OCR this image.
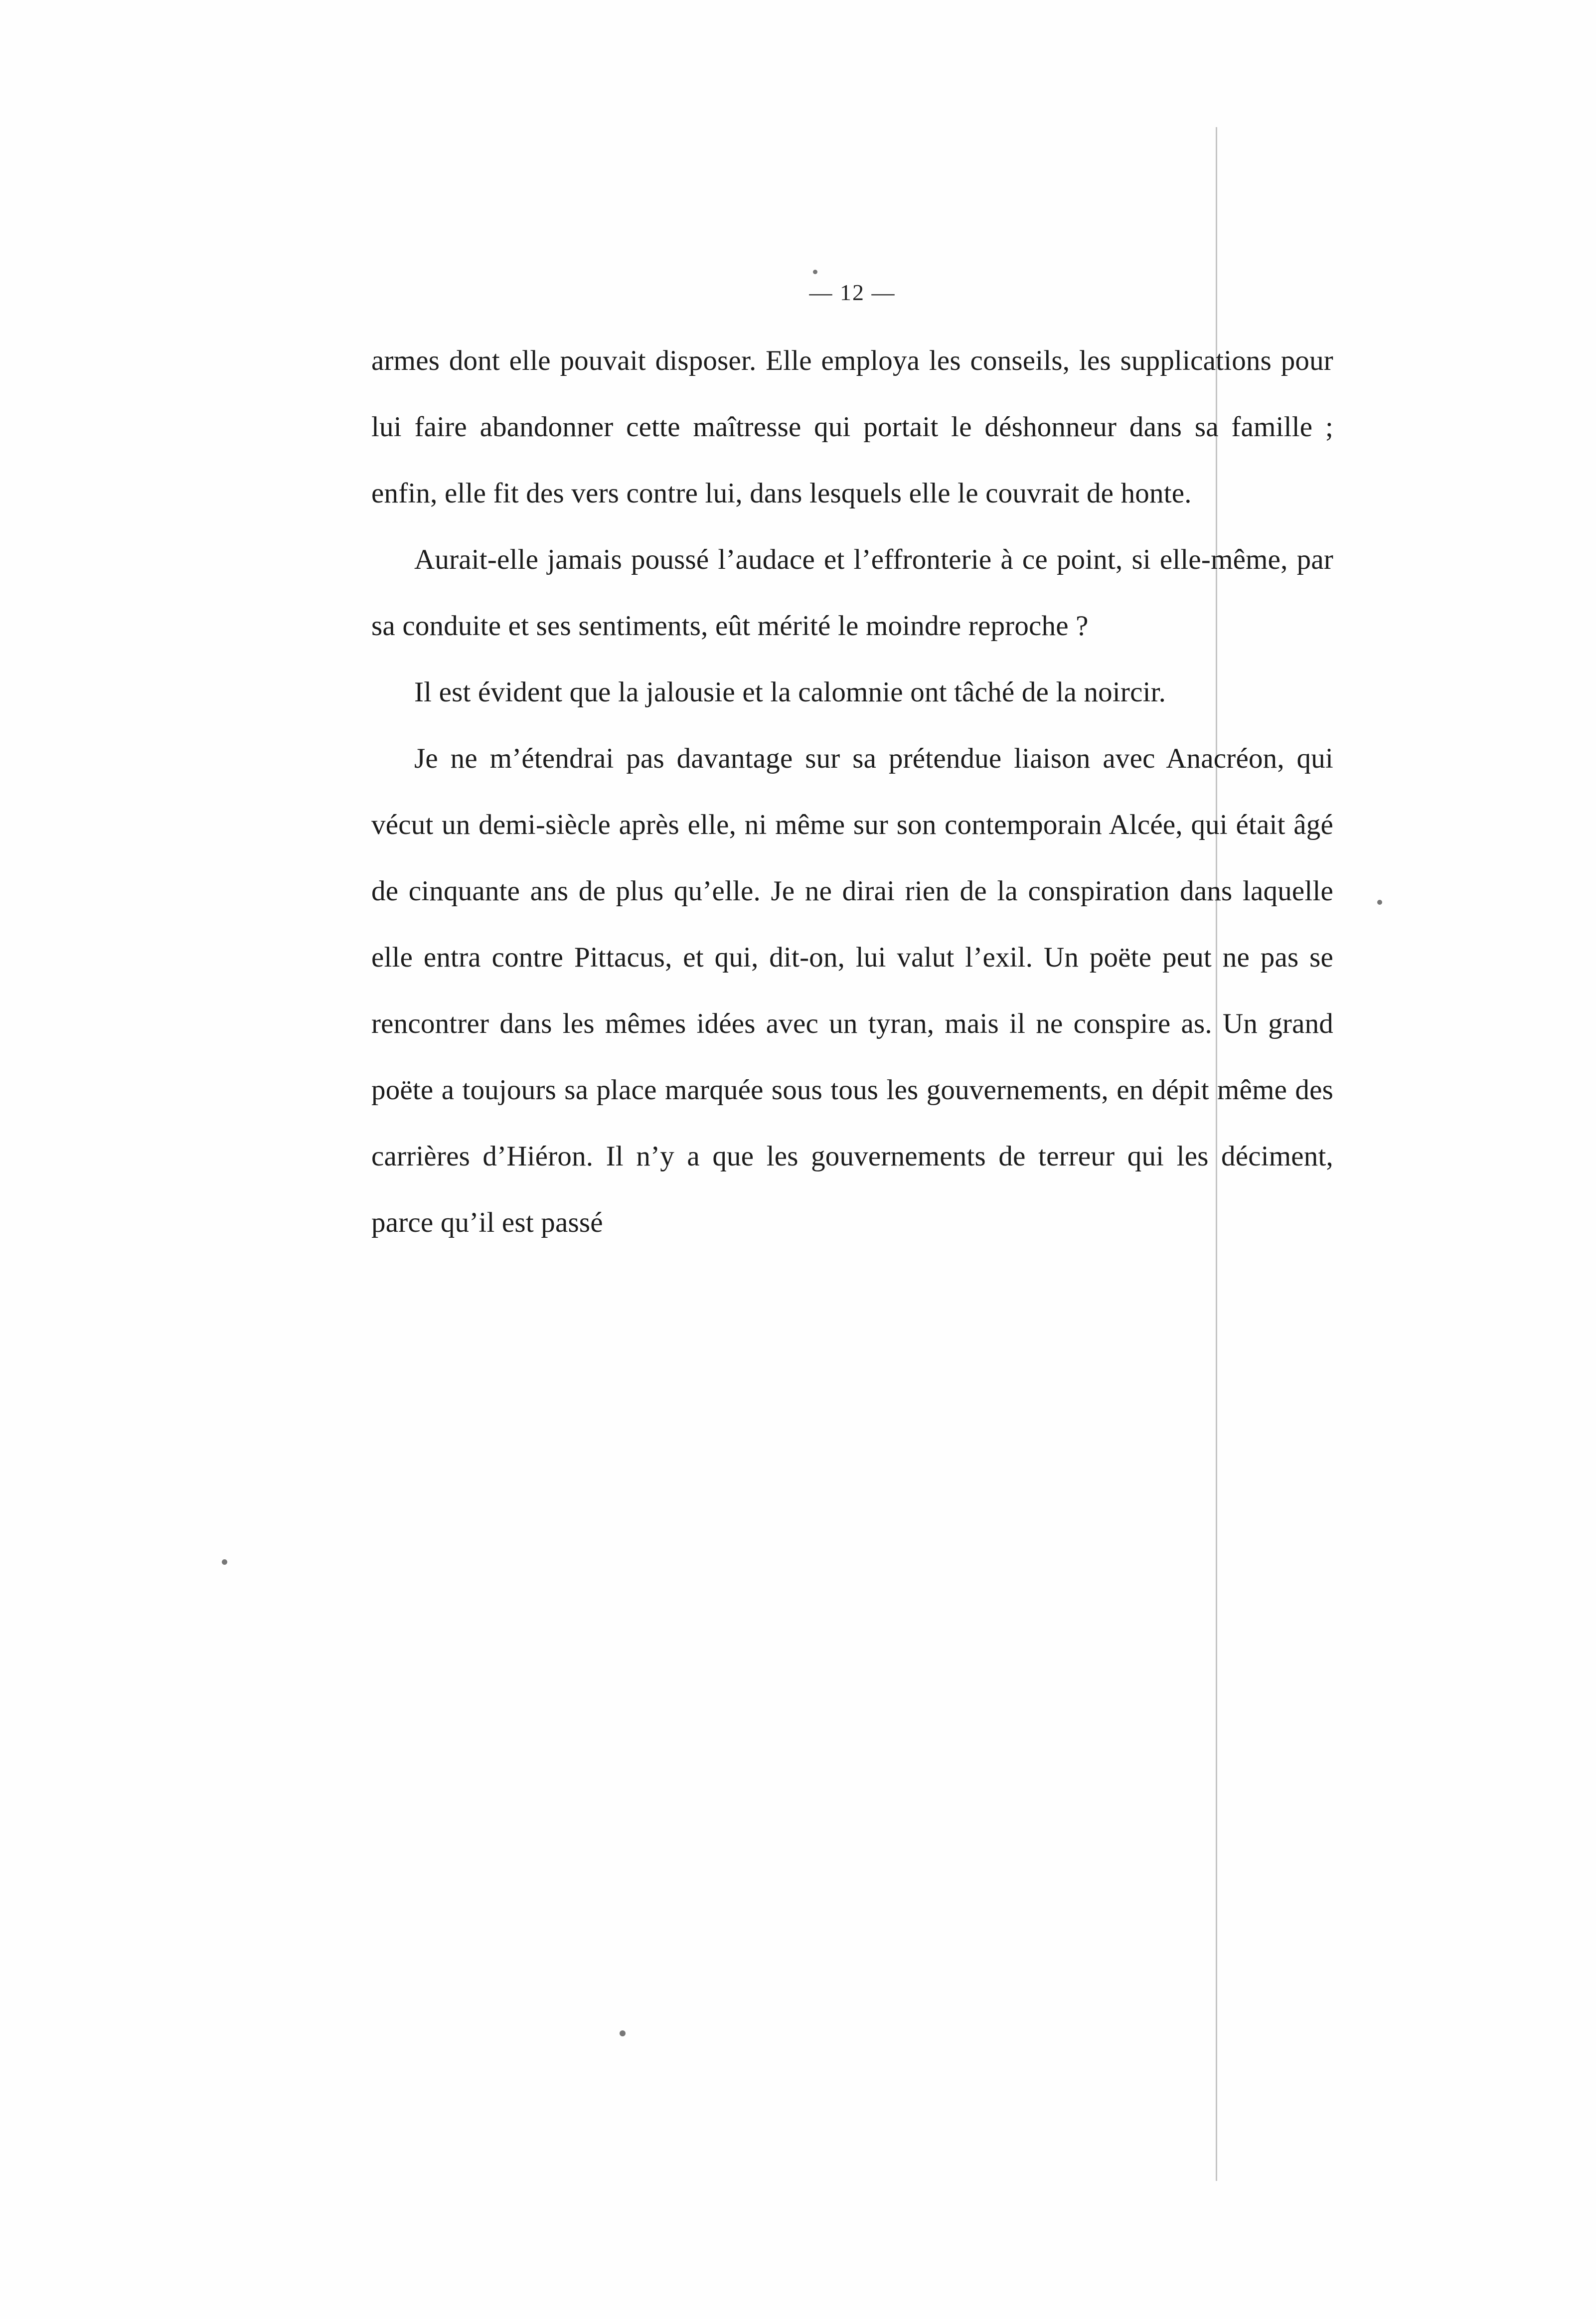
— 12 —

armes dont elle pouvait disposer. Elle employa les conseils, les supplications pour lui faire abandonner cette maîtresse qui portait le déshonneur dans sa famille ; enfin, elle fit des vers contre lui, dans lesquels elle le couvrait de honte.

Aurait-elle jamais poussé l’audace et l’effronterie à ce point, si elle-même, par sa conduite et ses sentiments, eût mérité le moindre reproche ?

Il est évident que la jalousie et la calomnie ont tâché de la noircir.

Je ne m’étendrai pas davantage sur sa prétendue liaison avec Anacréon, qui vécut un demi-siècle après elle, ni même sur son contemporain Alcée, qui était âgé de cinquante ans de plus qu’elle. Je ne dirai rien de la conspiration dans laquelle elle entra contre Pittacus, et qui, dit-on, lui valut l’exil. Un poëte peut ne pas se rencontrer dans les mêmes idées avec un tyran, mais il ne conspire as. Un grand poëte a toujours sa place marquée sous tous les gouvernements, en dépit même des carrières d’Hiéron. Il n’y a que les gouvernements de terreur qui les déciment, parce qu’il est passé
